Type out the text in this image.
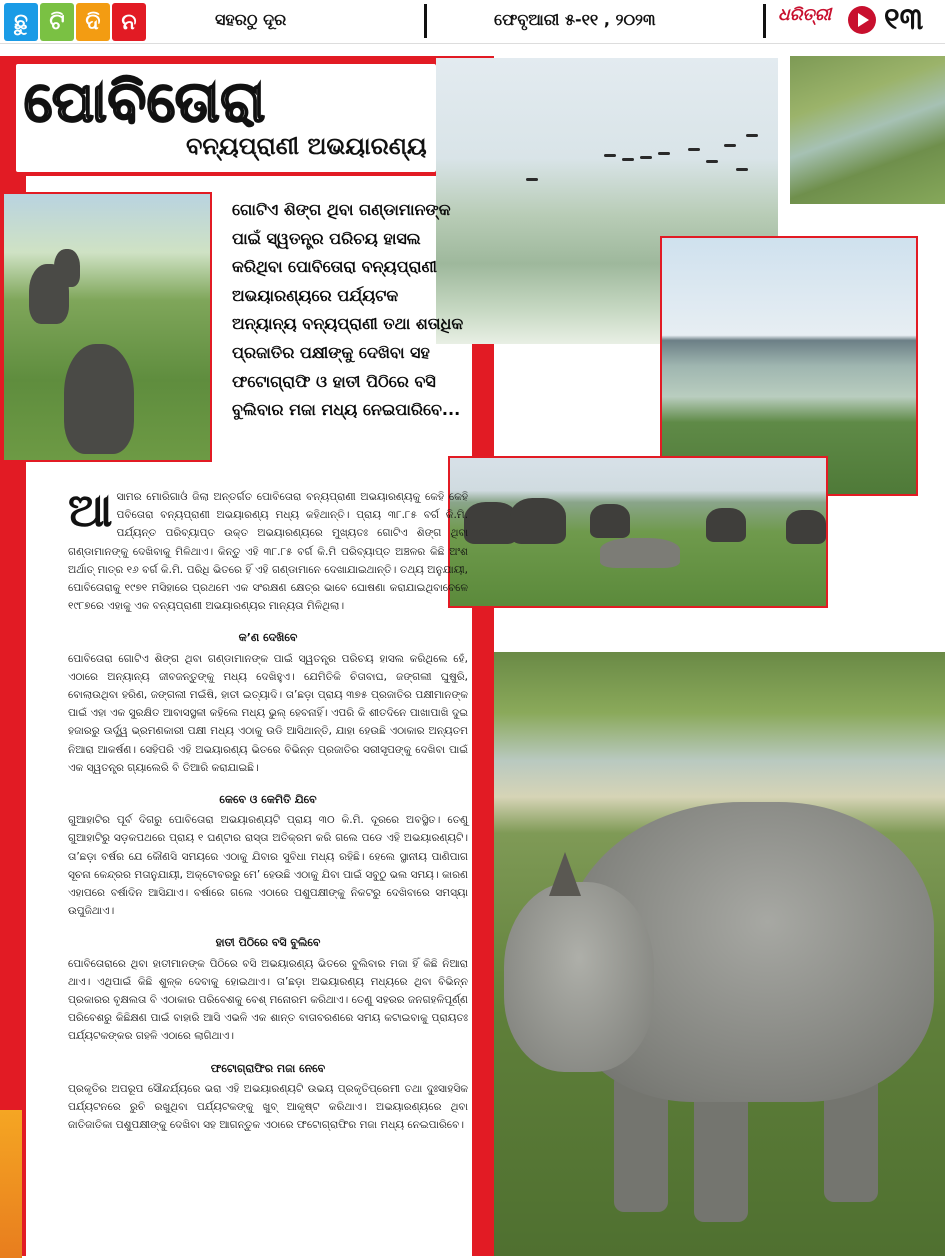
ଛୁ ଟି ଦି ନ	ସହରଠୁ ଦୂର	ଫେବୃଆରୀ ୫-୧୧ , ୨୦୨୩	ଧରିତ୍ରୀ ୧୩
ପୋବିତୋରା
ବନ୍ୟପ୍ରାଣୀ ଅଭୟାରଣ୍ୟ
ଗୋଟିଏ ଶିଙ୍ଗ ଥିବା ଗଣ୍ଡାମାନଙ୍କ ପାଇଁ ସ୍ୱତନ୍ତ୍ର ପରିଚୟ ହାସଲ କରିଥିବା ପୋବିତୋରା ବନ୍ୟପ୍ରାଣୀ ଅଭୟାରଣ୍ୟରେ ପର୍ଯ୍ୟଟକ ଅନ୍ୟାନ୍ୟ ବନ୍ୟପ୍ରାଣୀ ତଥା ଶତାଧିକ ପ୍ରଜାତିର ପକ୍ଷୀଙ୍କୁ ଦେଖିବା ସହ ଫଟୋଗ୍ରାଫି ଓ ହାତୀ ପିଠିରେ ବସି ବୁଲିବାର ମଜା ମଧ୍ୟ ନେଇପାରିବେ...

ଆସାମର ମୋରିଗାଓଁ ଜିଲା ଅନ୍ତର୍ଗତ ପୋବିତୋରା ବନ୍ୟପ୍ରାଣୀ ଅଭୟାରଣ୍ୟକୁ କେହି କେହି ପବିତୋରା ବନ୍ୟପ୍ରାଣୀ ଅଭୟାରଣ୍ୟ ମଧ୍ୟ କହିଥାନ୍ତି। ପ୍ରାୟ ୩୮.୮୫ ବର୍ଗ କି.ମି. ପର୍ଯ୍ୟନ୍ତ ପରିବ୍ୟାପ୍ତ ଉକ୍ତ ଅଭୟାରଣ୍ୟରେ ମୁଖ୍ୟତଃ ଗୋଟିଏ ଶିଙ୍ଗ ଥିବା ଗଣ୍ଡାମାନଙ୍କୁ ଦେଖିବାକୁ ମିଳିଥାଏ। କିନ୍ତୁ ଏହି ୩୮.୮୫ ବର୍ଗ କି.ମି ପରିବ୍ୟାପ୍ତ ଅଞ୍ଚଳର କିଛି ଅଂଶ ଅର୍ଥାତ୍ ମାତ୍ର ୧୬ ବର୍ଗ କି.ମି. ପରିଧି ଭିତରେ ହିଁ ଏହି ଗଣ୍ଡାମାନେ ଦେଖାଯାଇଥାନ୍ତି। ତଥ୍ୟ ଅନୁଯାୟୀ, ପୋବିତୋରାକୁ ୧୯୭୧ ମସିହାରେ ପ୍ରଥମେ ଏକ ସଂରକ୍ଷଣ କ୍ଷେତ୍ର ଭାବେ ଘୋଷଣା କରାଯାଇଥିବାବେଳେ ୧୯୮୭ରେ ଏହାକୁ ଏକ ବନ୍ୟପ୍ରାଣୀ ଅଭୟାରଣ୍ୟର ମାନ୍ୟତା ମିଳିଥିଲା।

କ’ଣ ଦେଖିବେ

ପୋବିତୋରା ଗୋଟିଏ ଶିଙ୍ଗ ଥିବା ଗଣ୍ଡାମାନଙ୍କ ପାଇଁ ସ୍ୱତନ୍ତ୍ର ପରିଚୟ ହାସଲ କରିଥିଲେ ହେଁ, ଏଠାରେ ଅନ୍ୟାନ୍ୟ ଜୀବଜନ୍ତୁଙ୍କୁ ମଧ୍ୟ ଦେଖିହୁଏ। ଯେମିତିକି ଚିତାବାଘ, ଜଙ୍ଗଲୀ ଘୁଷୁରି, ବୋଲାଉଥିବା ହରିଣ, ଜଙ୍ଗଲୀ ମଇଁଷି, ହାତୀ ଇତ୍ୟାଦି। ତା’ଛଡ଼ା ପ୍ରାୟ ୩୭୫ ପ୍ରଜାତିର ପକ୍ଷୀମାନଙ୍କ ପାଇଁ ଏହା ଏକ ସୁରକ୍ଷିତ ଆବାସସ୍ଥଳୀ କହିଲେ ମଧ୍ୟ ଭୁଲ୍ ହେବନାହିଁ। ଏପରି କି ଶୀତଦିନେ ପାଖାପାଖି ଦୁଇ ହଜାରରୁ ଊର୍ଦ୍ଧ୍ୱ ଭ୍ରମଣକାରୀ ପକ୍ଷୀ ମଧ୍ୟ ଏଠାକୁ ଉଡି ଆସିଥାନ୍ତି, ଯାହା ହେଉଛି ଏଠାକାର ଅନ୍ୟତମ ନିଆରା ଆକର୍ଷଣ। ସେହିପରି ଏହି ଅଭୟାରଣ୍ୟ ଭିତରେ ବିଭିନ୍ନ ପ୍ରଜାତିର ସରୀସୃପଙ୍କୁ ଦେଖିବା ପାଇଁ ଏକ ସ୍ୱତନ୍ତ୍ର ଗ୍ୟାଲେରି ବି ତିଆରି କରାଯାଇଛି।

କେବେ ଓ କେମିତି ଯିବେ

ଗୁଆହାଟିର ପୂର୍ବ ଦିଗରୁ ପୋବିତୋରା ଅଭୟାରଣ୍ୟଟି ପ୍ରାୟ ୩୦ କି.ମି. ଦୂରରେ ଅବସ୍ଥିତ। ତେଣୁ ଗୁଆହାଟିରୁ ସଡ଼କପଥରେ ପ୍ରାୟ ୧ ଘଣ୍ଟାର ରାସ୍ତା ଅତିକ୍ରମ କରି ଗଲେ ପଡେ ଏହି ଅଭୟାରଣ୍ୟଟି। ତା’ଛଡ଼ା ବର୍ଷର ଯେ କୌଣସି ସମୟରେ ଏଠାକୁ ଯିବାର ସୁବିଧା ମଧ୍ୟ ରହିଛି। ହେଲେ ସ୍ଥାନୀୟ ପାଣିପାଗ ସୂଚନା କେନ୍ଦ୍ରର ମତାନୁଯାୟୀ, ଅକ୍ଟୋବରରୁ ମେ’ ହେଉଛି ଏଠାକୁ ଯିବା ପାଇଁ ସବୁଠୁ ଭଲ ସମୟ। କାରଣ ଏହାପରେ ବର୍ଷାଦିନ ଆସିଯାଏ। ବର୍ଷାରେ ଗଲେ ଏଠାରେ ପଶୁପକ୍ଷୀଙ୍କୁ ନିକଟରୁ ଦେଖିବାରେ ସମସ୍ୟା ଉପୁଜିଥାଏ।

ହାତୀ ପିଠିରେ ବସି ବୁଲିବେ

ପୋବିତୋରାରେ ଥିବା ହାତୀମାନଙ୍କ ପିଠିରେ ବସି ଅଭୟାରଣ୍ୟ ଭିତରେ ବୁଲିବାର ମଜା ହିଁ କିଛି ନିଆରା ଥାଏ। ଏଥିପାଇଁ କିଛି ଶୁଳ୍କ ଦେବାକୁ ହୋଇଥାଏ। ତା’ଛଡ଼ା ଅଭୟାରଣ୍ୟ ମଧ୍ୟରେ ଥିବା ବିଭିନ୍ନ ପ୍ରକାରର ବୃକ୍ଷଲତା ବି ଏଠାକାର ପରିବେଶକୁ ବେଶ୍ ମନୋରମ କରିଥାଏ। ତେଣୁ ସହରର ଜନଗହଳିପୂର୍ଣ୍ଣ ପରିବେଶରୁ କିଛିକ୍ଷଣ ପାଇଁ ବାହାରି ଆସି ଏଭଳି ଏକ ଶାନ୍ତ ବାତାବରଣରେ ସମୟ କଟାଇବାକୁ ପ୍ରାୟତଃ ପର୍ଯ୍ୟଟକଙ୍କର ଗହଳି ଏଠାରେ ଲାଗିଥାଏ।

ଫଟୋଗ୍ରାଫିର ମଜା ନେବେ

ପ୍ରକୃତିର ଅପରୂପ ସୌନ୍ଦର୍ଯ୍ୟରେ ଭରା ଏହି ଅଭୟାରଣ୍ୟଟି ଉଭୟ ପ୍ରକୃତିପ୍ରେମୀ ତଥା ଦୁଃସାହସିକ ପର୍ଯ୍ୟଟନରେ ରୁଚି ରଖୁଥିବା ପର୍ଯ୍ୟଟକଙ୍କୁ ଖୁବ୍ ଆକୃଷ୍ଟ କରିଥାଏ। ଅଭୟାରଣ୍ୟରେ ଥିବା ଜାତିଜାତିକା ପଶୁପକ୍ଷୀଙ୍କୁ ଦେଖିବା ସହ ଆଗନ୍ତୁକ ଏଠାରେ ଫଟୋଗ୍ରାଫିର ମଜା ମଧ୍ୟ ନେଇପାରିବେ।
